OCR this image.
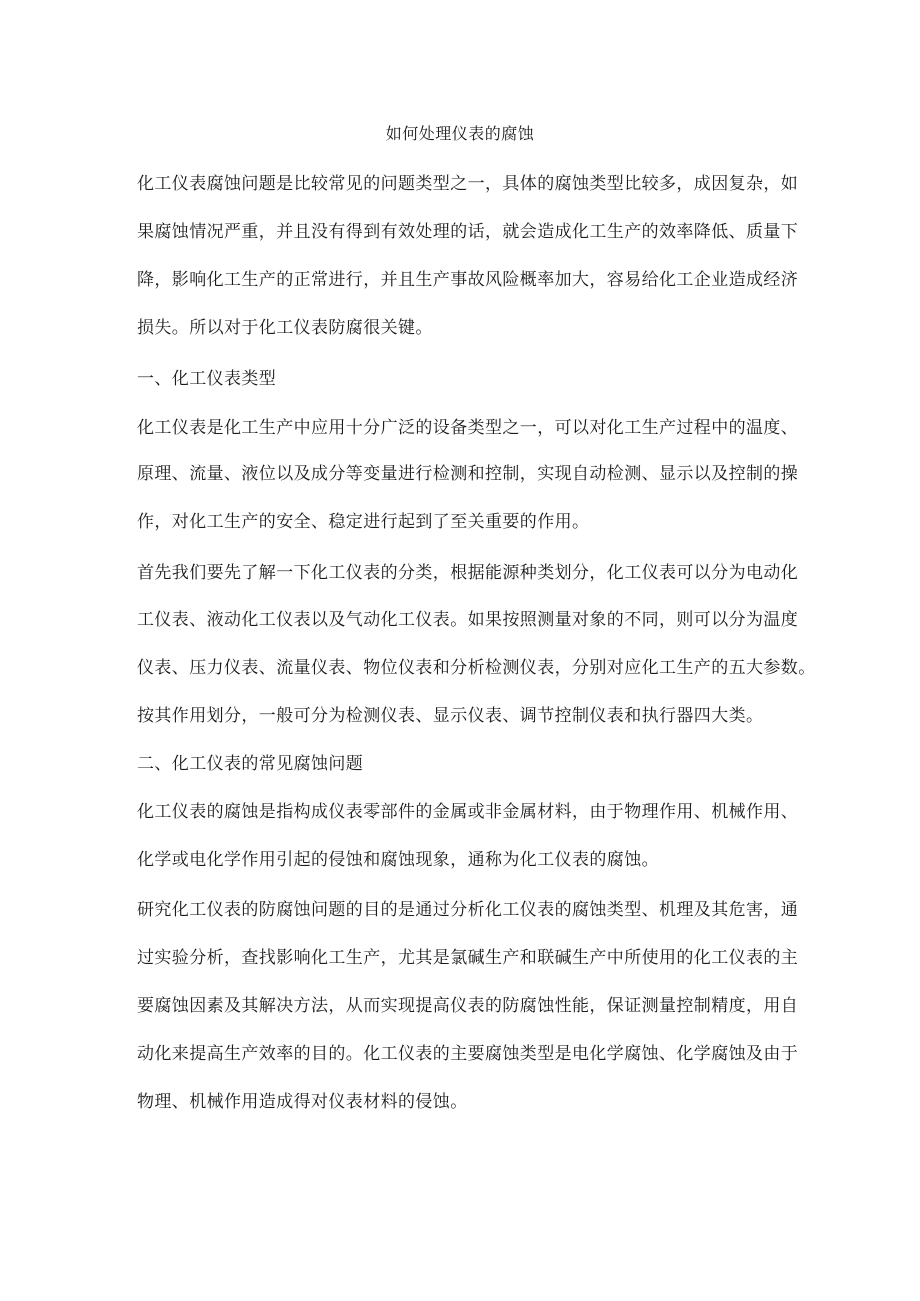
如何处理仪表的腐蚀
化工仪表腐蚀问题是比较常见的问题类型之一，具体的腐蚀类型比较多，成因复杂，如
果腐蚀情况严重，并且没有得到有效处理的话，就会造成化工生产的效率降低、质量下
降，影响化工生产的正常进行，并且生产事故风险概率加大，容易给化工企业造成经济
损失。所以对于化工仪表防腐很关键。
一、化工仪表类型
化工仪表是化工生产中应用十分广泛的设备类型之一，可以对化工生产过程中的温度、
原理、流量、液位以及成分等变量进行检测和控制，实现自动检测、显示以及控制的操
作，对化工生产的安全、稳定进行起到了至关重要的作用。
首先我们要先了解一下化工仪表的分类，根据能源种类划分，化工仪表可以分为电动化
工仪表、液动化工仪表以及气动化工仪表。如果按照测量对象的不同，则可以分为温度
仪表、压力仪表、流量仪表、物位仪表和分析检测仪表，分别对应化工生产的五大参数。
按其作用划分，一般可分为检测仪表、显示仪表、调节控制仪表和执行器四大类。
二、化工仪表的常见腐蚀问题
化工仪表的腐蚀是指构成仪表零部件的金属或非金属材料，由于物理作用、机械作用、
化学或电化学作用引起的侵蚀和腐蚀现象，通称为化工仪表的腐蚀。
研究化工仪表的防腐蚀问题的目的是通过分析化工仪表的腐蚀类型、机理及其危害，通
过实验分析，查找影响化工生产，尤其是氯碱生产和联碱生产中所使用的化工仪表的主
要腐蚀因素及其解决方法，从而实现提高仪表的防腐蚀性能，保证测量控制精度，用自
动化来提高生产效率的目的。化工仪表的主要腐蚀类型是电化学腐蚀、化学腐蚀及由于
物理、机械作用造成得对仪表材料的侵蚀。
